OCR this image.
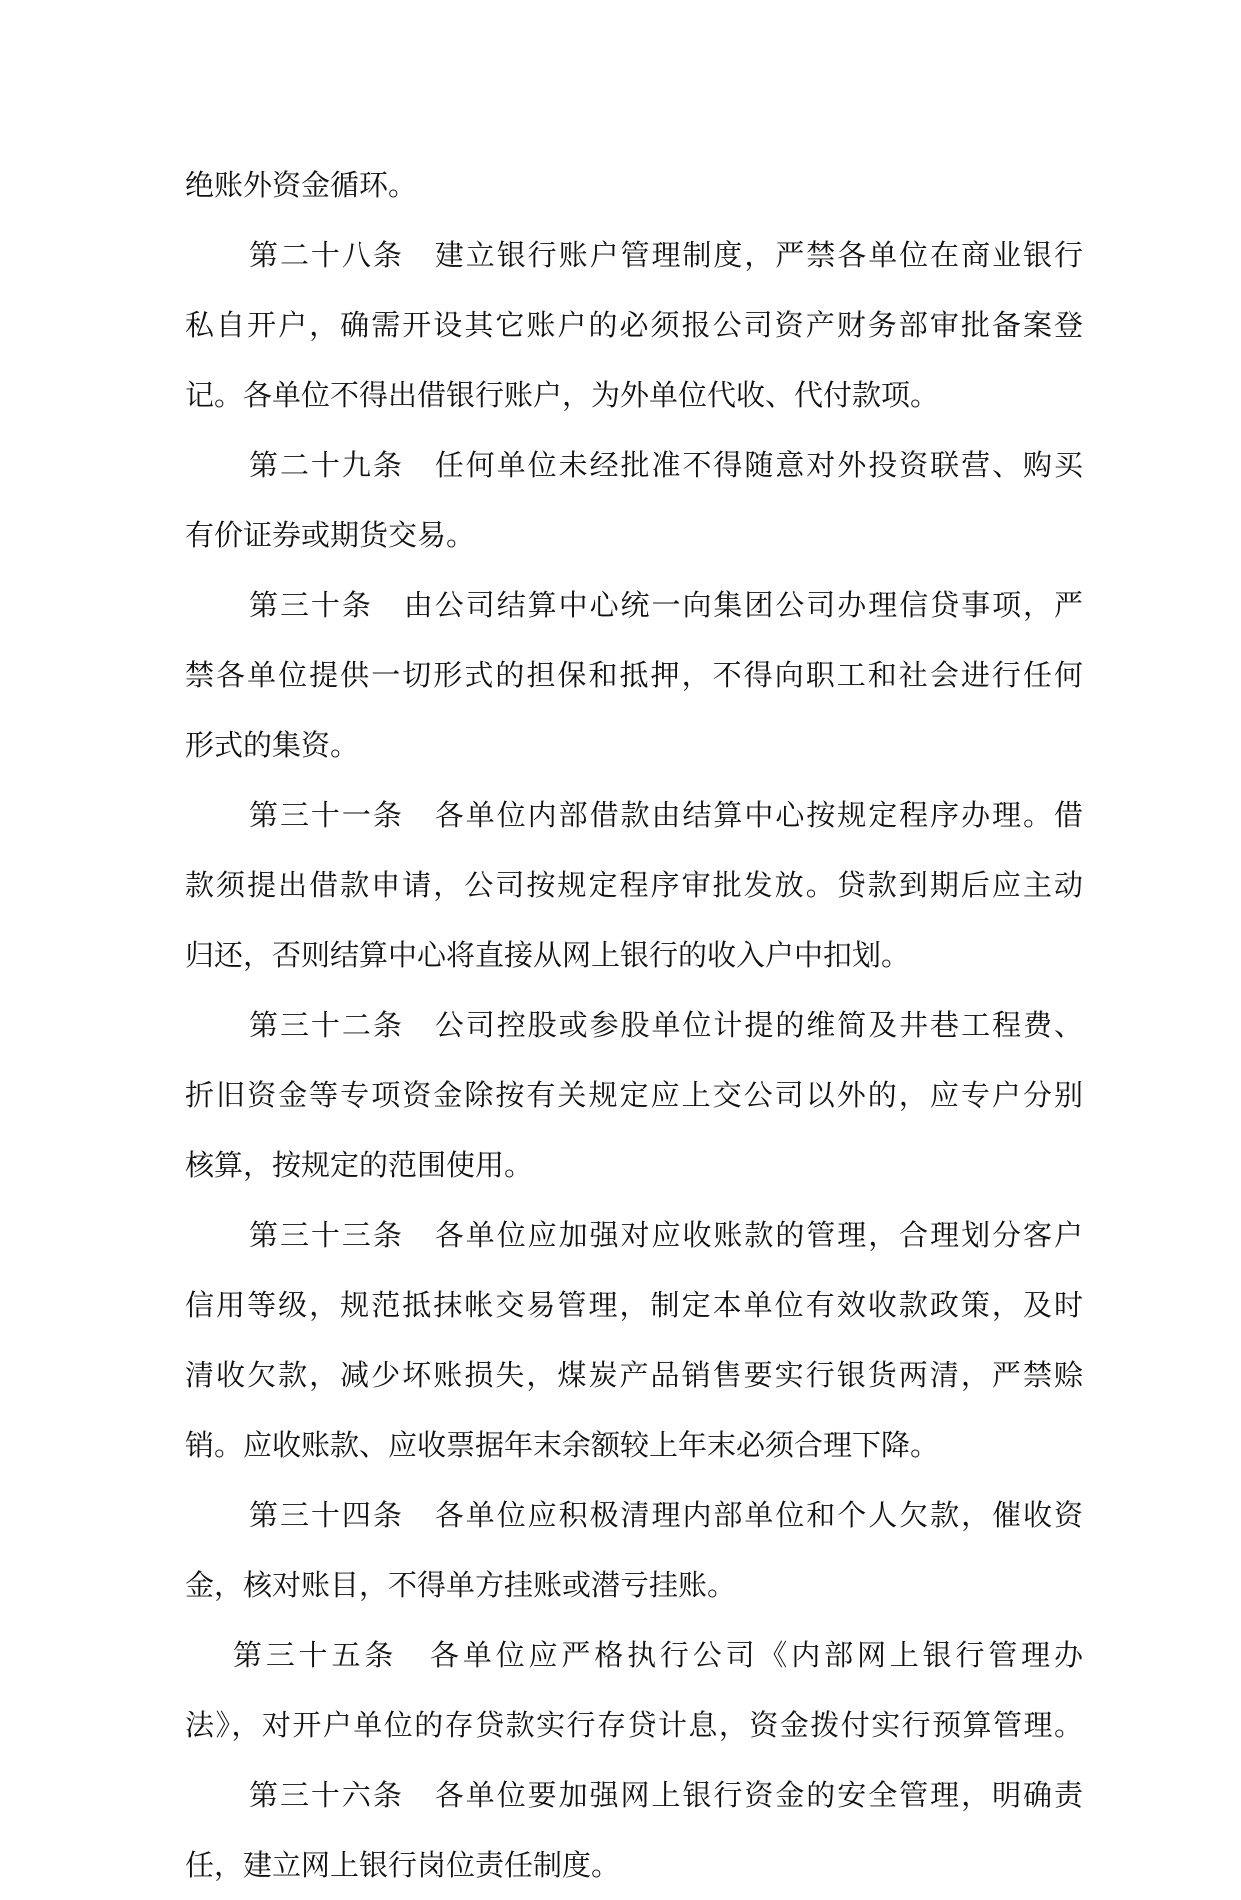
绝账外资金循环。
第二十八条　建立银行账户管理制度，严禁各单位在商业银行
私自开户，确需开设其它账户的必须报公司资产财务部审批备案登
记。各单位不得出借银行账户，为外单位代收、代付款项。
第二十九条　任何单位未经批准不得随意对外投资联营、购买
有价证券或期货交易。
第三十条　由公司结算中心统一向集团公司办理信贷事项，严
禁各单位提供一切形式的担保和抵押，不得向职工和社会进行任何
形式的集资。
第三十一条　各单位内部借款由结算中心按规定程序办理。借
款须提出借款申请，公司按规定程序审批发放。贷款到期后应主动
归还，否则结算中心将直接从网上银行的收入户中扣划。
第三十二条　公司控股或参股单位计提的维简及井巷工程费、
折旧资金等专项资金除按有关规定应上交公司以外的，应专户分别
核算，按规定的范围使用。
第三十三条　各单位应加强对应收账款的管理，合理划分客户
信用等级，规范抵抹帐交易管理，制定本单位有效收款政策，及时
清收欠款，减少坏账损失，煤炭产品销售要实行银货两清，严禁赊
销。应收账款、应收票据年末余额较上年末必须合理下降。
第三十四条　各单位应积极清理内部单位和个人欠款，催收资
金，核对账目，不得单方挂账或潜亏挂账。
第三十五条　各单位应严格执行公司《内部网上银行管理办
法》，对开户单位的存贷款实行存贷计息，资金拨付实行预算管理。
第三十六条　各单位要加强网上银行资金的安全管理，明确责
任，建立网上银行岗位责任制度。
